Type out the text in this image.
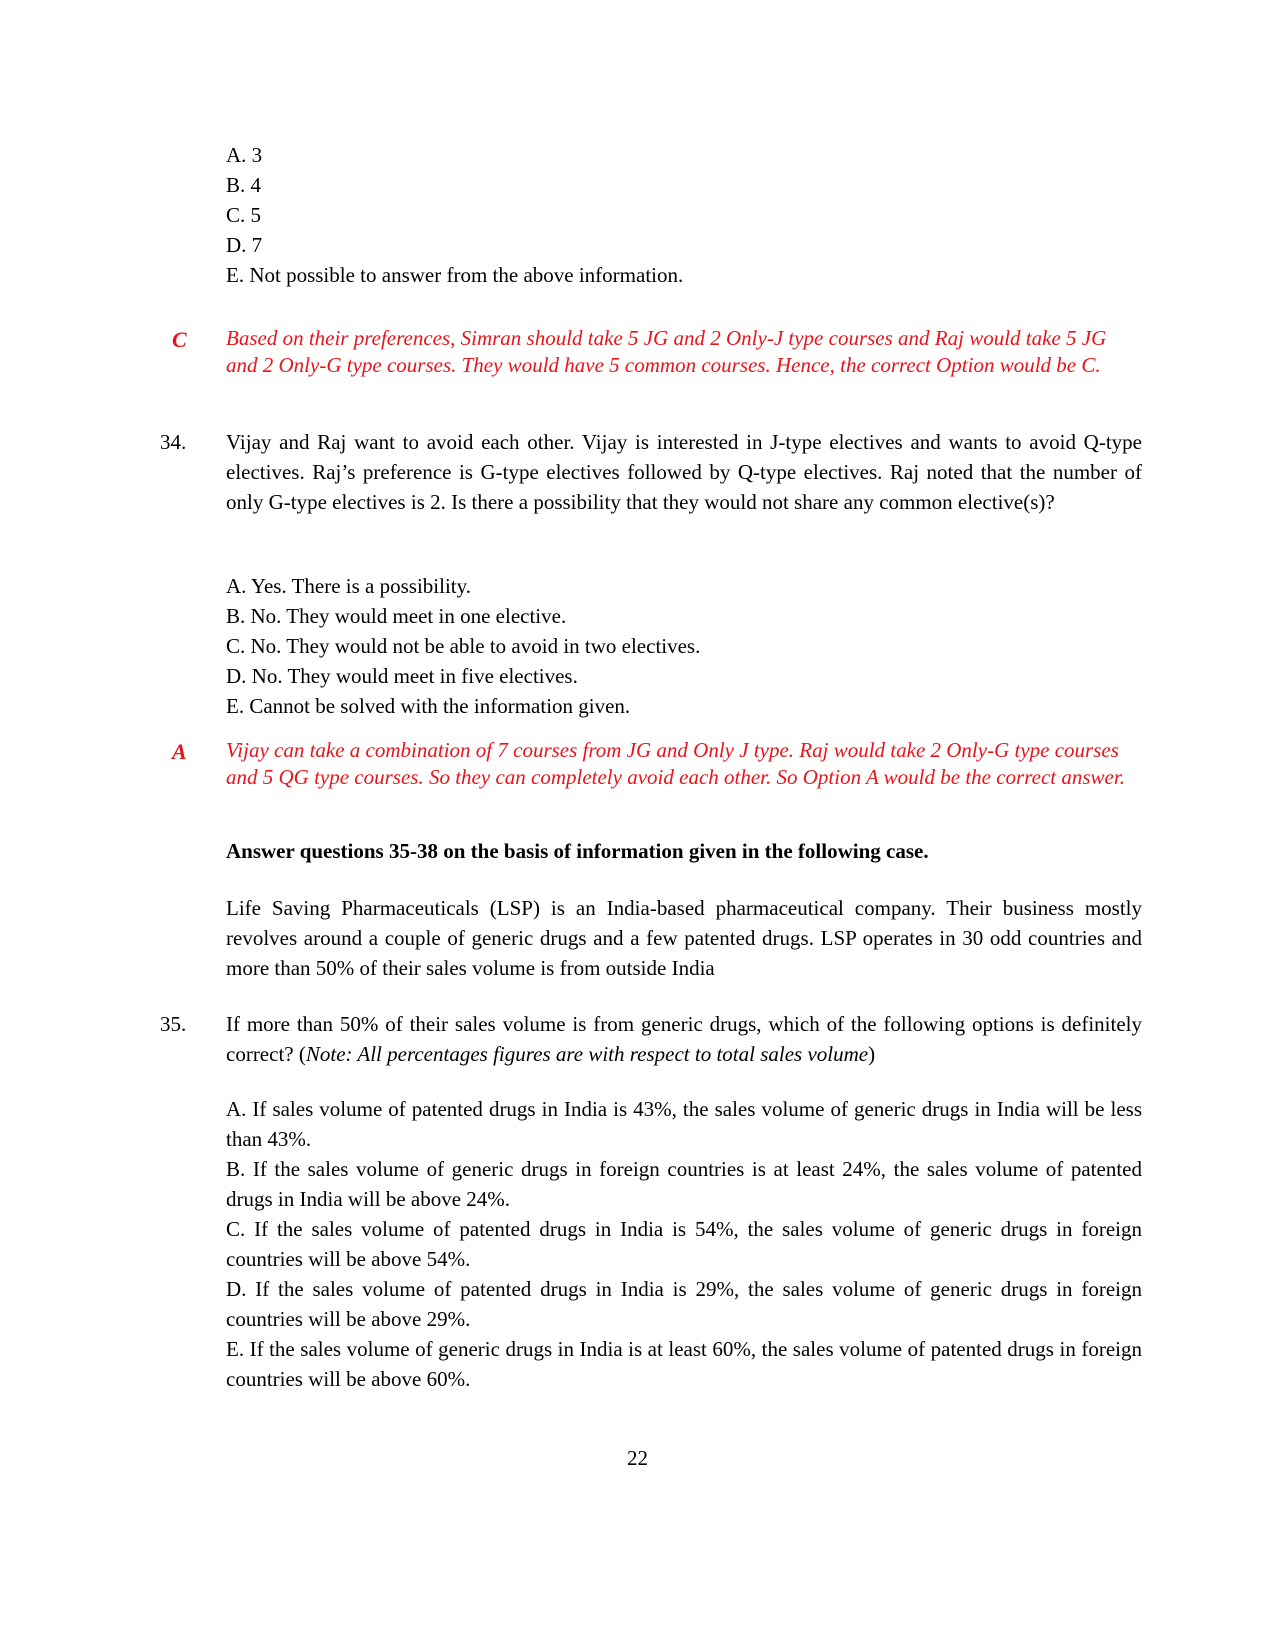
A. 3
B. 4
C. 5
D. 7
E. Not possible to answer from the above information.
C	Based on their preferences, Simran should take 5 JG and 2 Only-J type courses and Raj would take 5 JG and 2 Only-G type courses. They would have 5 common courses. Hence, the correct Option would be C.
34.	Vijay and Raj want to avoid each other. Vijay is interested in J-type electives and wants to avoid Q-type electives. Raj’s preference is G-type electives followed by Q-type electives. Raj noted that the number of only G-type electives is 2. Is there a possibility that they would not share any common elective(s)?
A. Yes. There is a possibility.
B. No. They would meet in one elective.
C. No. They would not be able to avoid in two electives.
D. No. They would meet in five electives.
E. Cannot be solved with the information given.
A	Vijay can take a combination of 7 courses from JG and Only J type. Raj would take 2 Only-G type courses and 5 QG type courses. So they can completely avoid each other. So Option A would be the correct answer.
Answer questions 35-38 on the basis of information given in the following case.
Life Saving Pharmaceuticals (LSP) is an India-based pharmaceutical company. Their business mostly revolves around a couple of generic drugs and a few patented drugs. LSP operates in 30 odd countries and more than 50% of their sales volume is from outside India
35.	If more than 50% of their sales volume is from generic drugs, which of the following options is definitely correct? (Note: All percentages figures are with respect to total sales volume)
A. If sales volume of patented drugs in India is 43%, the sales volume of generic drugs in India will be less than 43%.
B. If the sales volume of generic drugs in foreign countries is at least 24%, the sales volume of patented drugs in India will be above 24%.
C. If the sales volume of patented drugs in India is 54%, the sales volume of generic drugs in foreign countries will be above 54%.
D. If the sales volume of patented drugs in India is 29%, the sales volume of generic drugs in foreign countries will be above 29%.
E. If the sales volume of generic drugs in India is at least 60%, the sales volume of patented drugs in foreign countries will be above 60%.
22
